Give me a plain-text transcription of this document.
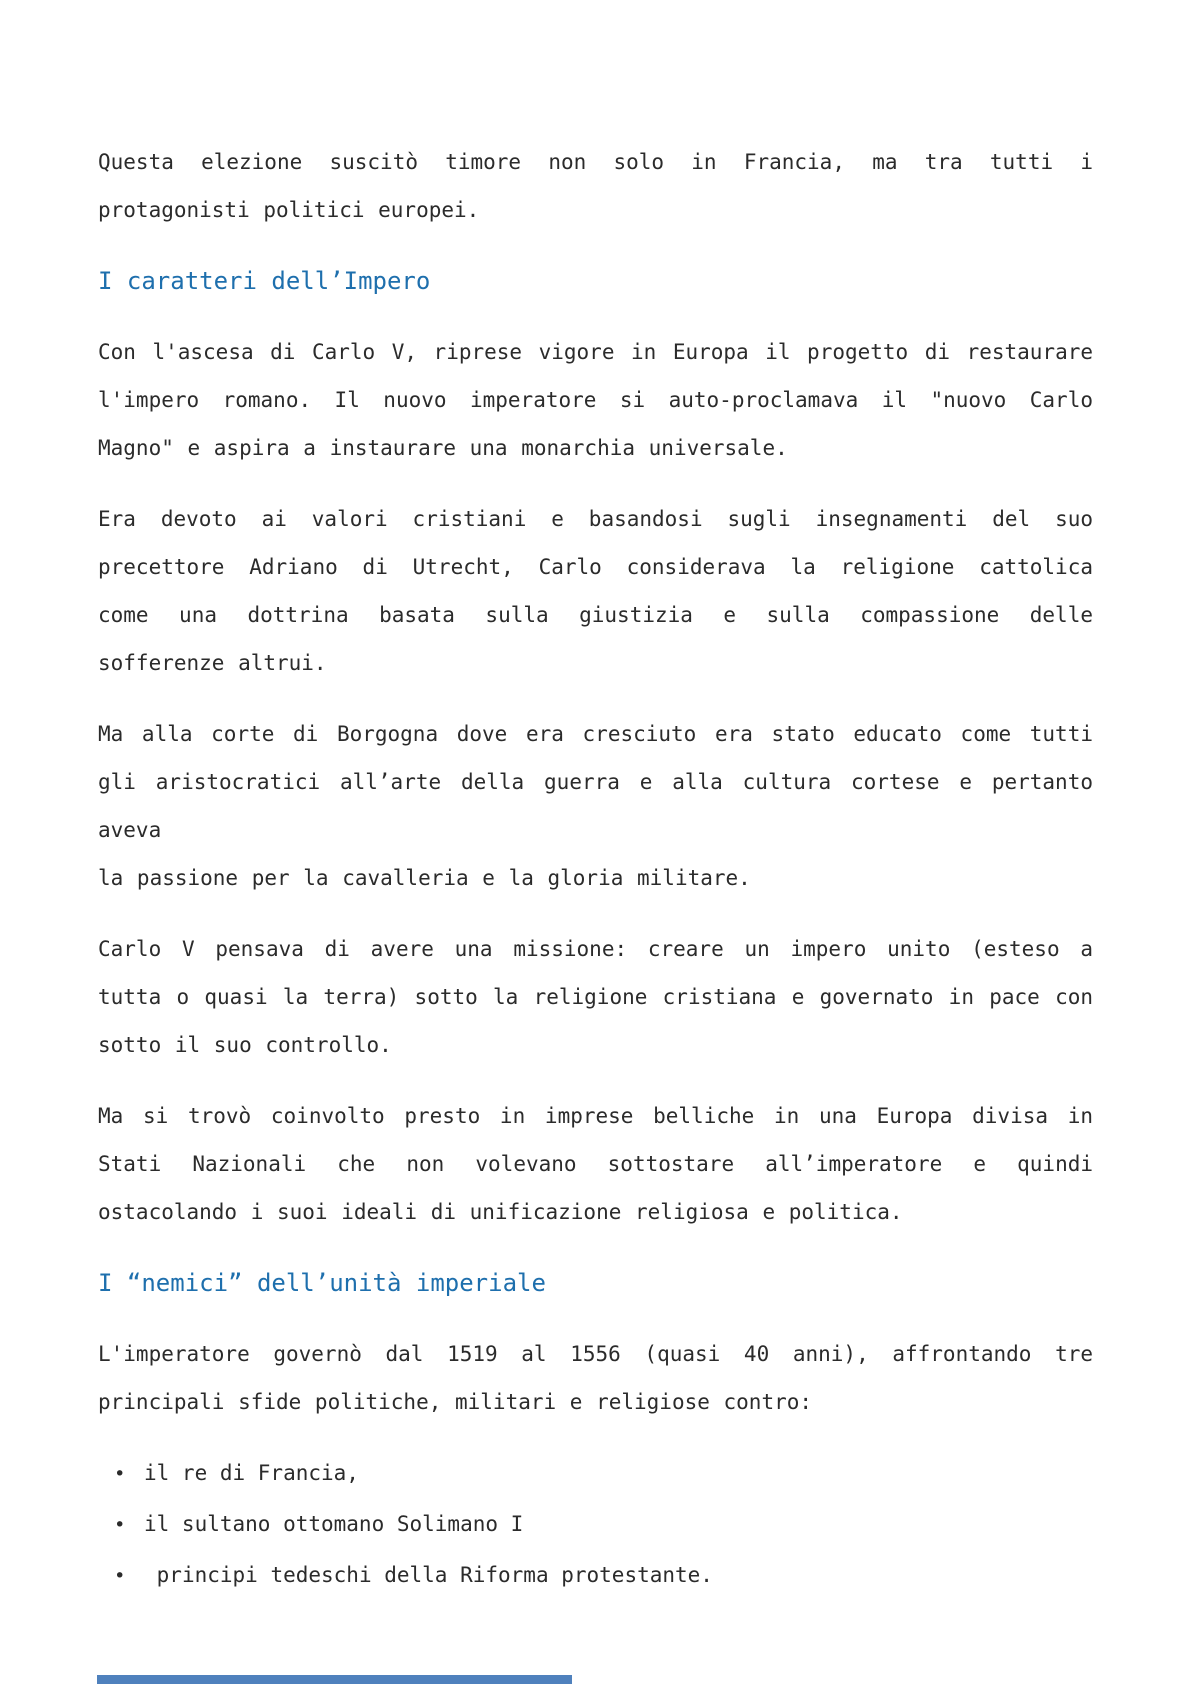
Questa elezione suscitò timore non solo in Francia, ma tra tutti i
protagonisti politici europei.
I caratteri dell’Impero
Con l'ascesa di Carlo V, riprese vigore in Europa il progetto di restaurare
l'impero romano. Il nuovo imperatore si auto-proclamava il "nuovo Carlo
Magno" e aspira a instaurare una monarchia universale.
Era devoto ai valori cristiani e basandosi sugli insegnamenti del suo
precettore Adriano di Utrecht, Carlo considerava la religione cattolica
come una dottrina basata sulla giustizia e sulla compassione delle
sofferenze altrui.
Ma alla corte di Borgogna dove era cresciuto era stato educato come tutti
gli aristocratici all’arte della guerra e alla cultura cortese e pertanto aveva
la passione per la cavalleria e la gloria militare.
Carlo V pensava di avere una missione: creare un impero unito (esteso a
tutta o quasi la terra) sotto la religione cristiana e governato in pace con
sotto il suo controllo.
Ma si trovò coinvolto presto in imprese belliche in una Europa divisa in
Stati Nazionali che non volevano sottostare all’imperatore e quindi
ostacolando i suoi ideali di unificazione religiosa e politica.
I “nemici” dell’unità imperiale
L'imperatore governò dal 1519 al 1556 (quasi 40 anni), affrontando tre
principali sfide politiche, militari e religiose contro:
• il re di Francia,
• il sultano ottomano Solimano I
• principi tedeschi della Riforma protestante.
